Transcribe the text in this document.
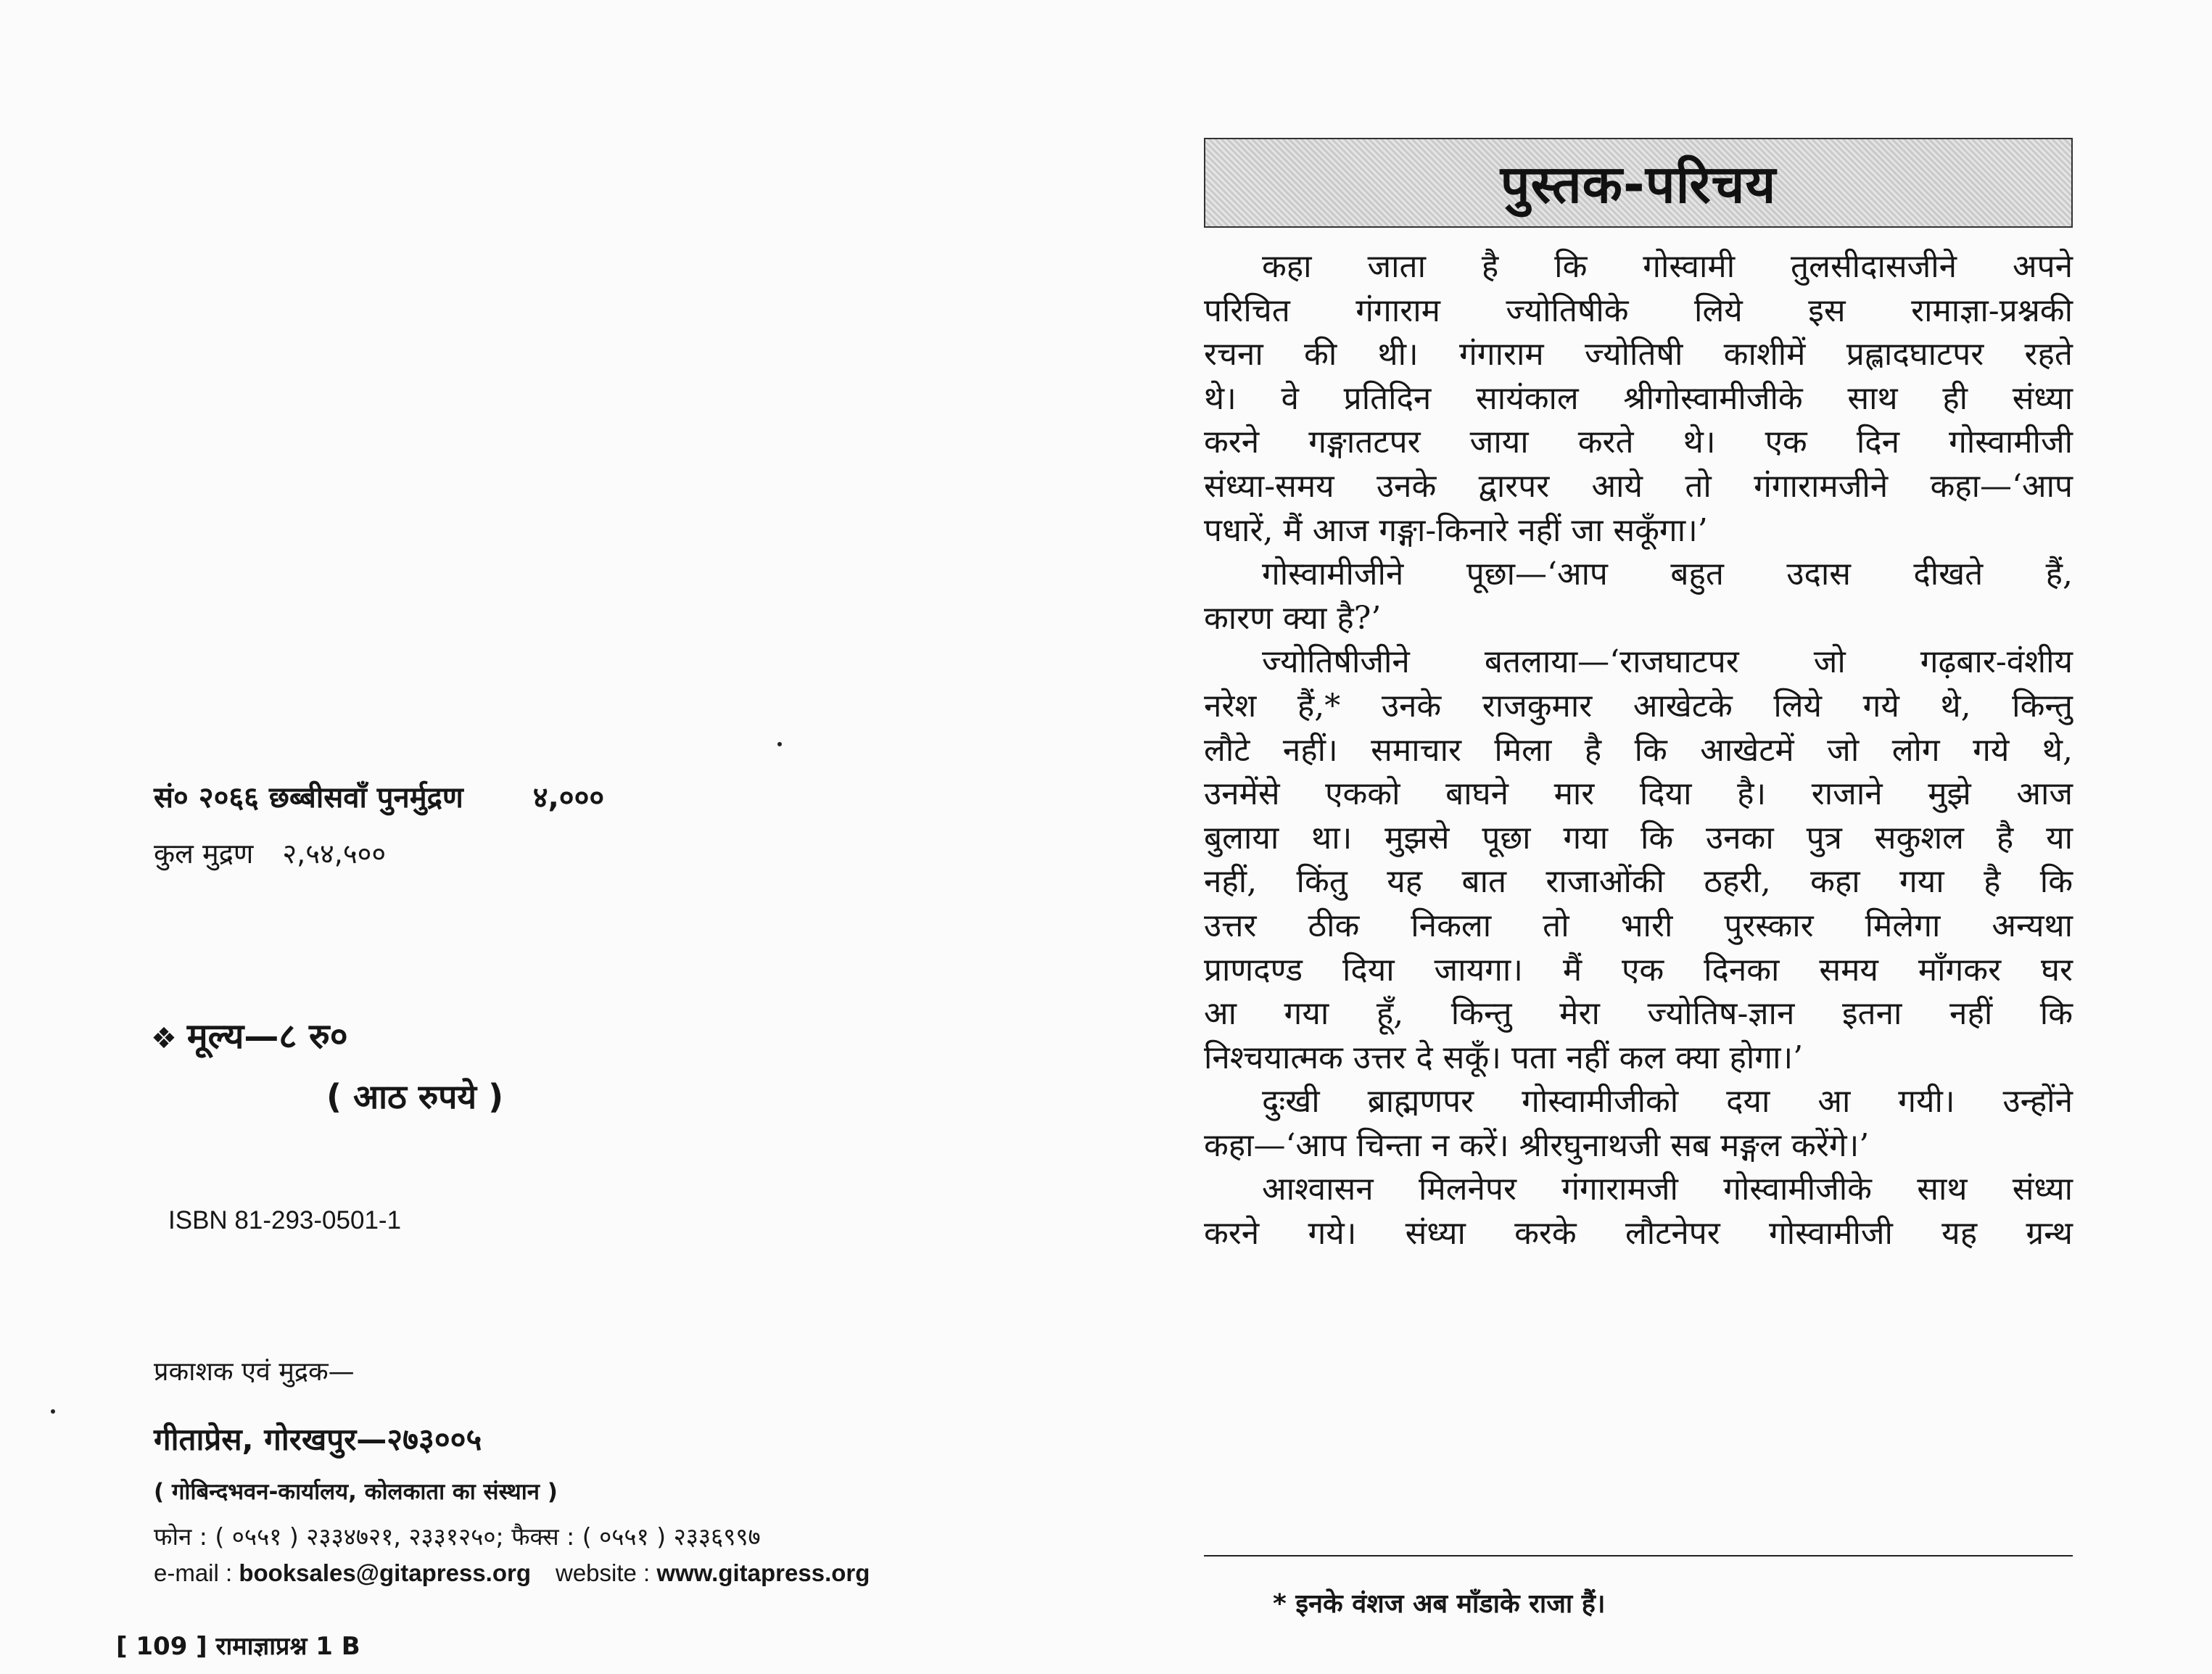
सं० २०६६ छब्बीसवाँ पुनर्मुद्रण ४,०००
कुल मुद्रण २,५४,५००
❖ मूल्य—८ रु०
( आठ रुपये )
ISBN 81-293-0501-1
प्रकाशक एवं मुद्रक—
गीताप्रेस, गोरखपुर—२७३००५
( गोबिन्दभवन-कार्यालय, कोलकाता का संस्थान )
फोन : ( ०५५१ ) २३३४७२१, २३३१२५०; फैक्स : ( ०५५१ ) २३३६९९७
e-mail : booksales@gitapress.org website : www.gitapress.org
[ 109 ] रामाज्ञाप्रश्न 1 B
पुस्तक-परिचय
कहा जाता है कि गोस्वामी तुलसीदासजीने अपने
परिचित गंगाराम ज्योतिषीके लिये इस रामाज्ञा-प्रश्नकी
रचना की थी। गंगाराम ज्योतिषी काशीमें प्रह्लादघाटपर रहते
थे। वे प्रतिदिन सायंकाल श्रीगोस्वामीजीके साथ ही संध्या
करने गङ्गातटपर जाया करते थे। एक दिन गोस्वामीजी
संध्या-समय उनके द्वारपर आये तो गंगारामजीने कहा—‘आप
पधारें, मैं आज गङ्गा-किनारे नहीं जा सकूँगा।’
गोस्वामीजीने पूछा—‘आप बहुत उदास दीखते हैं,
कारण क्या है?’
ज्योतिषीजीने बतलाया—‘राजघाटपर जो गढ़बार-वंशीय
नरेश हैं,* उनके राजकुमार आखेटके लिये गये थे, किन्तु
लौटे नहीं। समाचार मिला है कि आखेटमें जो लोग गये थे,
उनमेंसे एकको बाघने मार दिया है। राजाने मुझे आज
बुलाया था। मुझसे पूछा गया कि उनका पुत्र सकुशल है या
नहीं, किंतु यह बात राजाओंकी ठहरी, कहा गया है कि
उत्तर ठीक निकला तो भारी पुरस्कार मिलेगा अन्यथा
प्राणदण्ड दिया जायगा। मैं एक दिनका समय माँगकर घर
आ गया हूँ, किन्तु मेरा ज्योतिष-ज्ञान इतना नहीं कि
निश्चयात्मक उत्तर दे सकूँ। पता नहीं कल क्या होगा।’
दुःखी ब्राह्मणपर गोस्वामीजीको दया आ गयी। उन्होंने
कहा—‘आप चिन्ता न करें। श्रीरघुनाथजी सब मङ्गल करेंगे।’
आश्वासन मिलनेपर गंगारामजी गोस्वामीजीके साथ संध्या
करने गये। संध्या करके लौटनेपर गोस्वामीजी यह ग्रन्थ
* इनके वंशज अब माँडाके राजा हैं।
